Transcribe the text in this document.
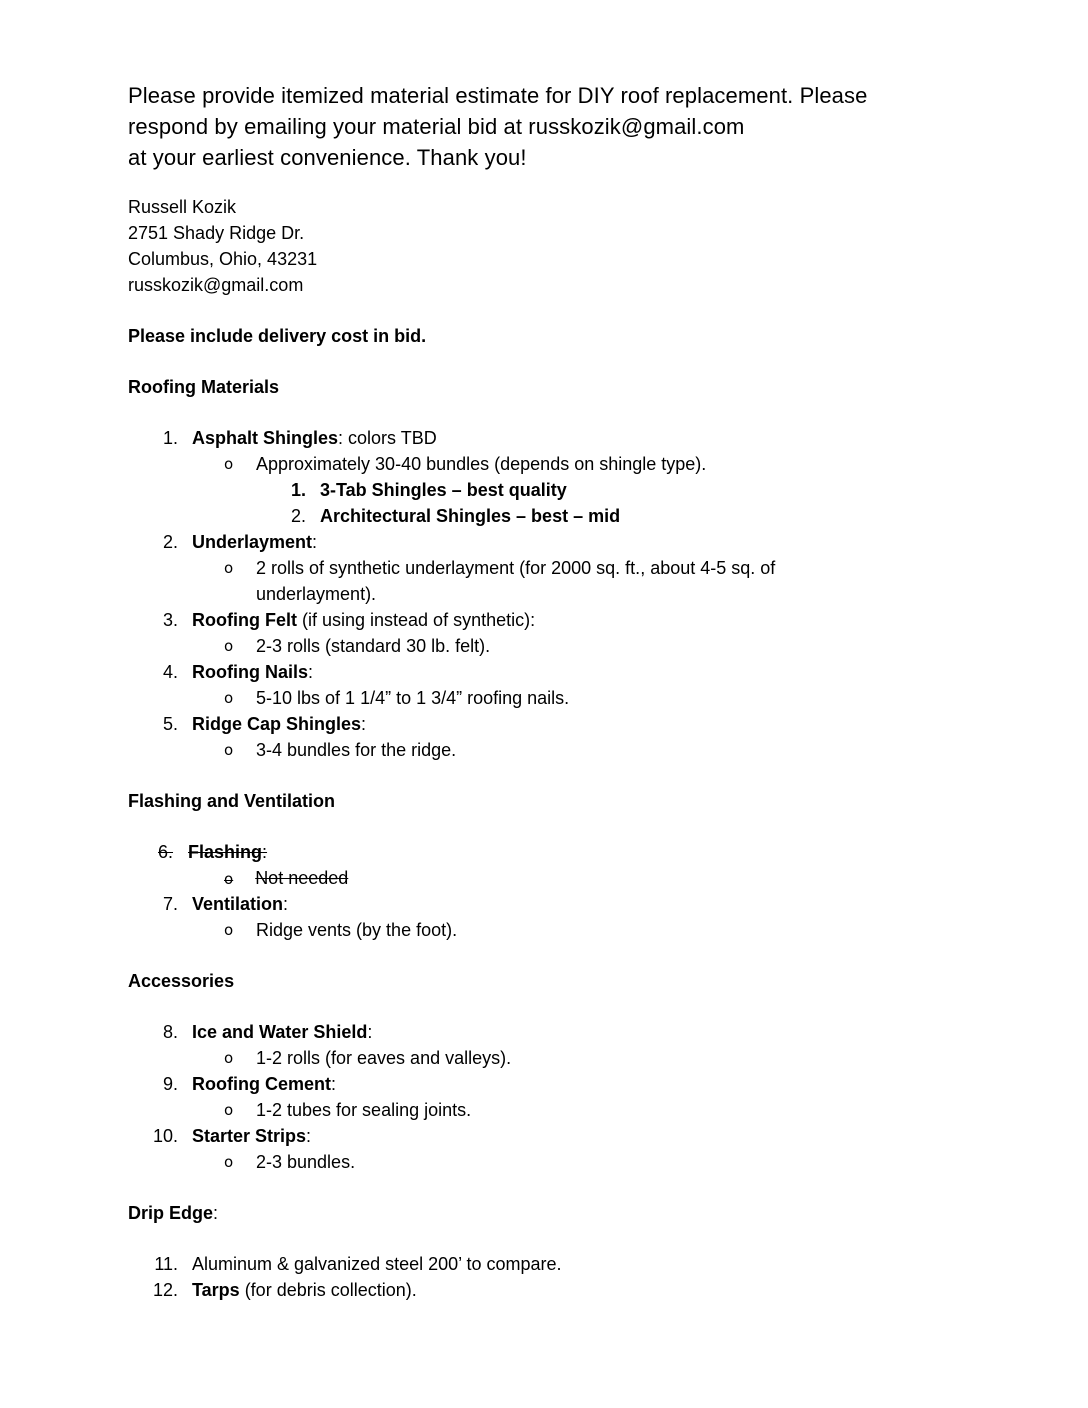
Please provide itemized material estimate for DIY roof replacement. Please
respond by emailing your material bid at russkozik@gmail.com
at your earliest convenience. Thank you!
Russell Kozik
2751 Shady Ridge Dr.
Columbus, Ohio, 43231
russkozik@gmail.com
Please include delivery cost in bid.
Roofing Materials
1. Asphalt Shingles: colors TBD
o Approximately 30-40 bundles (depends on shingle type).
1. 3-Tab Shingles – best quality
2. Architectural Shingles – best – mid
2. Underlayment:
o 2 rolls of synthetic underlayment (for 2000 sq. ft., about 4-5 sq. of
underlayment).
3. Roofing Felt (if using instead of synthetic):
o 2-3 rolls (standard 30 lb. felt).
4. Roofing Nails:
o 5-10 lbs of 1 1/4” to 1 3/4” roofing nails.
5. Ridge Cap Shingles:
o 3-4 bundles for the ridge.
Flashing and Ventilation
6. Flashing:
o Not needed
7. Ventilation:
o Ridge vents (by the foot).
Accessories
8. Ice and Water Shield:
o 1-2 rolls (for eaves and valleys).
9. Roofing Cement:
o 1-2 tubes for sealing joints.
10. Starter Strips:
o 2-3 bundles.
Drip Edge:
11. Aluminum & galvanized steel 200’ to compare.
12. Tarps (for debris collection).
